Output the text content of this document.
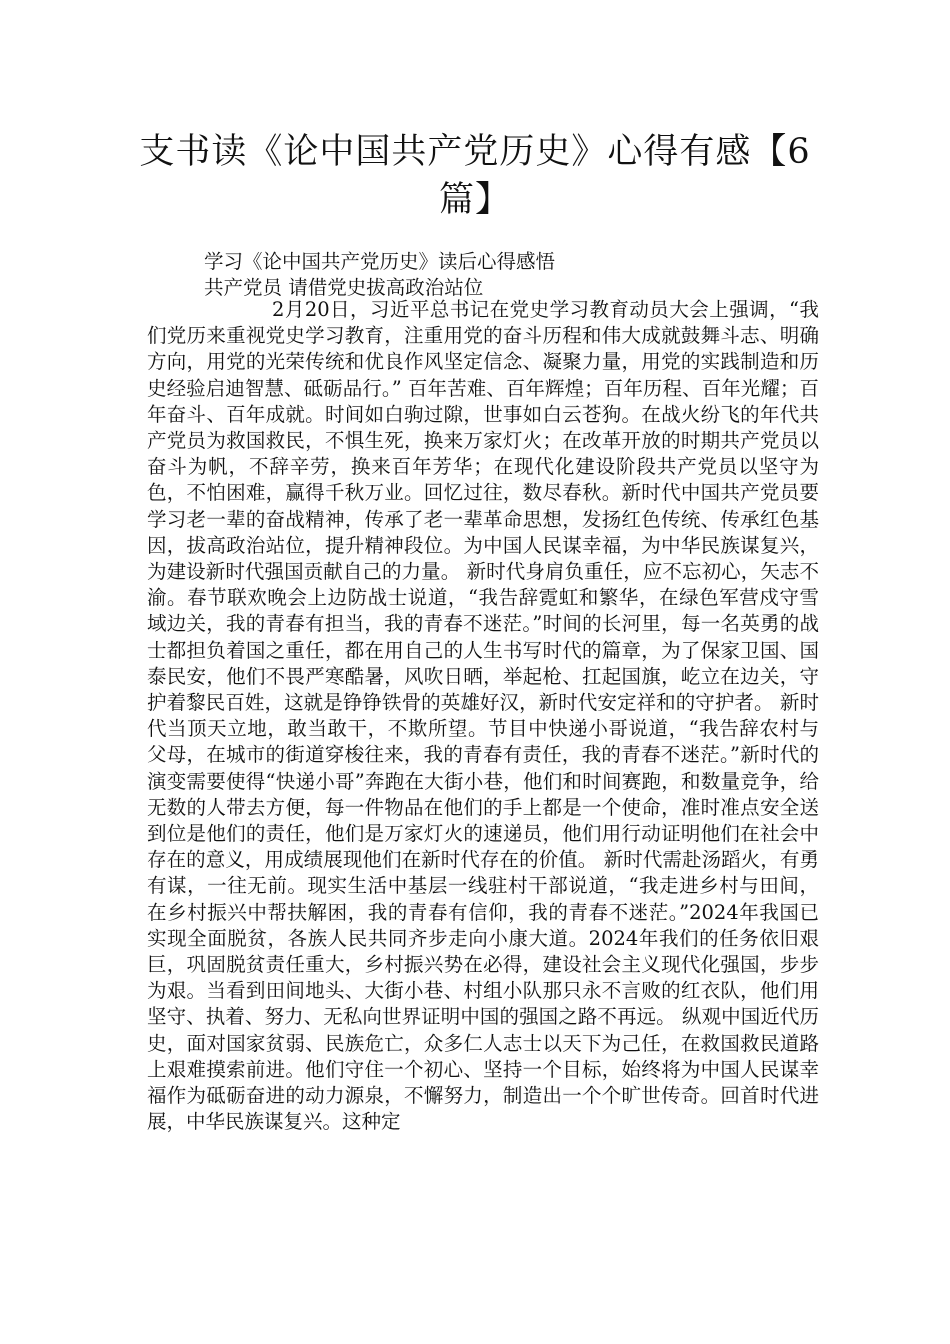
支书读《论中国共产党历史》心得有感【6篇】

学习《论中国共产党历史》读后心得感悟

共产党员 请借党史拔高政治站位

2月20日，习近平总书记在党史学习教育动员大会上强调，“我们党历来重视党史学习教育，注重用党的奋斗历程和伟大成就鼓舞斗志、明确方向，用党的光荣传统和优良作风坚定信念、凝聚力量，用党的实践制造和历史经验启迪智慧、砥砺品行。” 百年苦难、百年辉煌；百年历程、百年光耀；百年奋斗、百年成就。时间如白驹过隙，世事如白云苍狗。在战火纷飞的年代共产党员为救国救民，不惧生死，换来万家灯火；在改革开放的时期共产党员以奋斗为帆，不辞辛劳，换来百年芳华；在现代化建设阶段共产党员以坚守为色，不怕困难，赢得千秋万业。回忆过往，数尽春秋。新时代中国共产党员要学习老一辈的奋战精神，传承了老一辈革命思想，发扬红色传统、传承红色基因，拔高政治站位，提升精神段位。为中国人民谋幸福，为中华民族谋复兴，为建设新时代强国贡献自己的力量。 新时代身肩负重任，应不忘初心，矢志不渝。春节联欢晚会上边防战士说道，“我告辞霓虹和繁华，在绿色军营戍守雪域边关，我的青春有担当，我的青春不迷茫。”时间的长河里，每一名英勇的战士都担负着国之重任，都在用自己的人生书写时代的篇章，为了保家卫国、国泰民安，他们不畏严寒酷暑，风吹日晒，举起枪、扛起国旗，屹立在边关，守护着黎民百姓，这就是铮铮铁骨的英雄好汉，新时代安定祥和的守护者。 新时代当顶天立地，敢当敢干，不欺所望。节目中快递小哥说道，“我告辞农村与父母，在城市的街道穿梭往来，我的青春有责任，我的青春不迷茫。”新时代的演变需要使得“快递小哥”奔跑在大街小巷，他们和时间赛跑，和数量竞争，给无数的人带去方便，每一件物品在他们的手上都是一个使命，准时准点安全送到位是他们的责任，他们是万家灯火的速递员，他们用行动证明他们在社会中存在的意义，用成绩展现他们在新时代存在的价值。 新时代需赴汤蹈火，有勇有谋，一往无前。现实生活中基层一线驻村干部说道，“我走进乡村与田间，在乡村振兴中帮扶解困，我的青春有信仰，我的青春不迷茫。”2024年我国已实现全面脱贫，各族人民共同齐步走向小康大道。2024年我们的任务依旧艰巨，巩固脱贫责任重大，乡村振兴势在必得，建设社会主义现代化强国，步步为艰。当看到田间地头、大街小巷、村组小队那只永不言败的红衣队，他们用坚守、执着、努力、无私向世界证明中国的强国之路不再远。 纵观中国近代历史，面对国家贫弱、民族危亡，众多仁人志士以天下为己任，在救国救民道路上艰难摸索前进。他们守住一个初心、坚持一个目标，始终将为中国人民谋幸福作为砥砺奋进的动力源泉，不懈努力，制造出一个个旷世传奇。回首时代进展，中华民族谋复兴。这种定
